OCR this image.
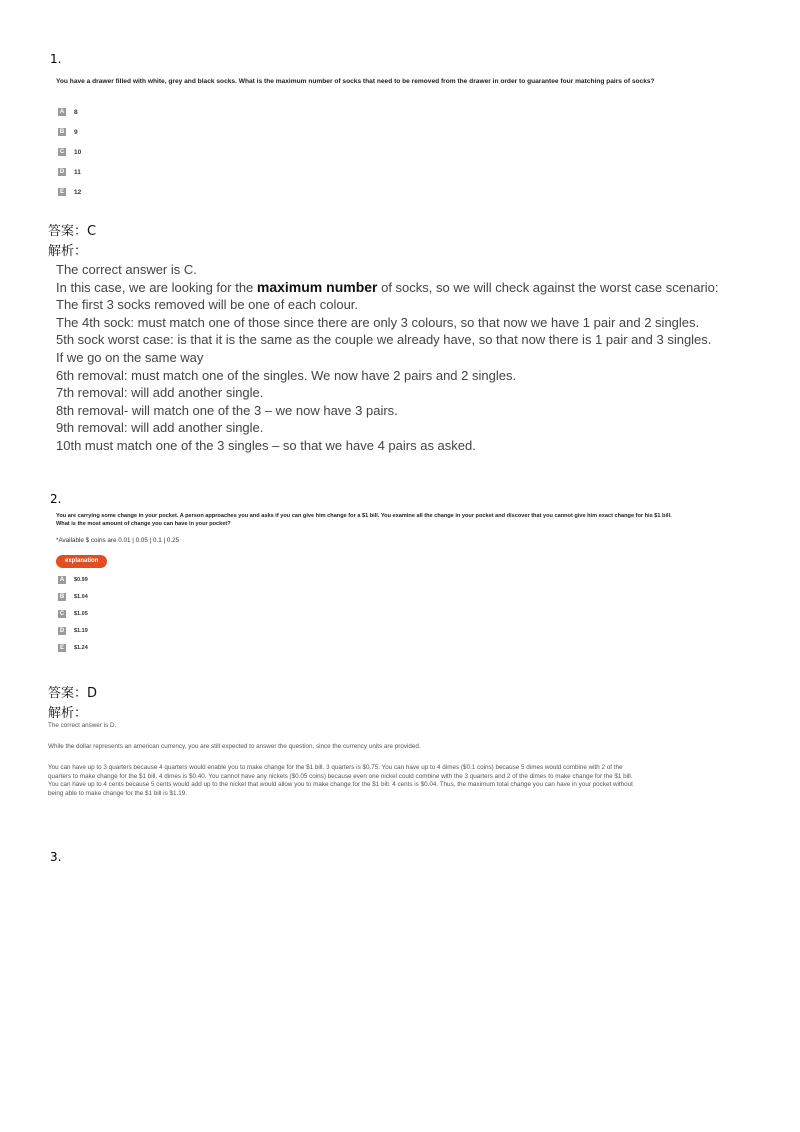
1.
You have a drawer filled with white, grey and black socks. What is the maximum number of socks that need to be removed from the drawer in order to guarantee four matching pairs of socks?
A 8
B 9
C 10
D 11
E	12
答案：C
解析：
The correct answer is C.
In this case, we are looking for the maximum number of socks, so we will check against the worst case scenario:
The first 3 socks removed will be one of each colour.
The 4th sock: must match one of those since there are only 3 colours, so that now we have 1 pair and 2 singles.
5th sock worst case: is that it is the same as the couple we already have, so that now there is 1 pair and 3 singles.
If we go on the same way
6th removal: must match one of the singles. We now have 2 pairs and 2 singles.
7th removal: will add another single.
8th removal- will match one of the 3 – we now have 3 pairs.
9th removal: will add another single.
10th must match one of the 3 singles – so that we have 4 pairs as asked.
2.
You are carrying some change in your pocket. A person approaches you and asks if you can give him change for a $1 bill. You examine all the change in your pocket and discover that you cannot give him exact change for his $1 bill.
What is the most amount of change you can have in your pocket?
*Available $ coins are 0.01 | 0.05 | 0.1 | 0.25
explanation
A	$0.99
B	$1.04
C	$1.05
D	$1.19
E	$1.24
答案：D
解析：
The correct answer is D.
While the dollar represents an american currency, you are still expected to answer the question, since the currency units are provided.
You can have up to 3 quarters because 4 quarters would enable you to make change for the $1 bill. 3 quarters is $0.75. You can have up to 4 dimes ($0.1 coins) because 5 dimes would combine with 2 of the
quarters to make change for the $1 bill. 4 dimes is $0.40. You cannot have any nickels ($0.05 coins) because even one nickel could combine with the 3 quarters and 2 of the dimes to make change for the $1 bill.
You can have up to 4 cents because 5 cents would add up to the nickel that would allow you to make change for the $1 bill. 4 cents is $0.04. Thus, the maximum total change you can have in your pocket without
being able to make change for the $1 bill is $1.19.
3.
